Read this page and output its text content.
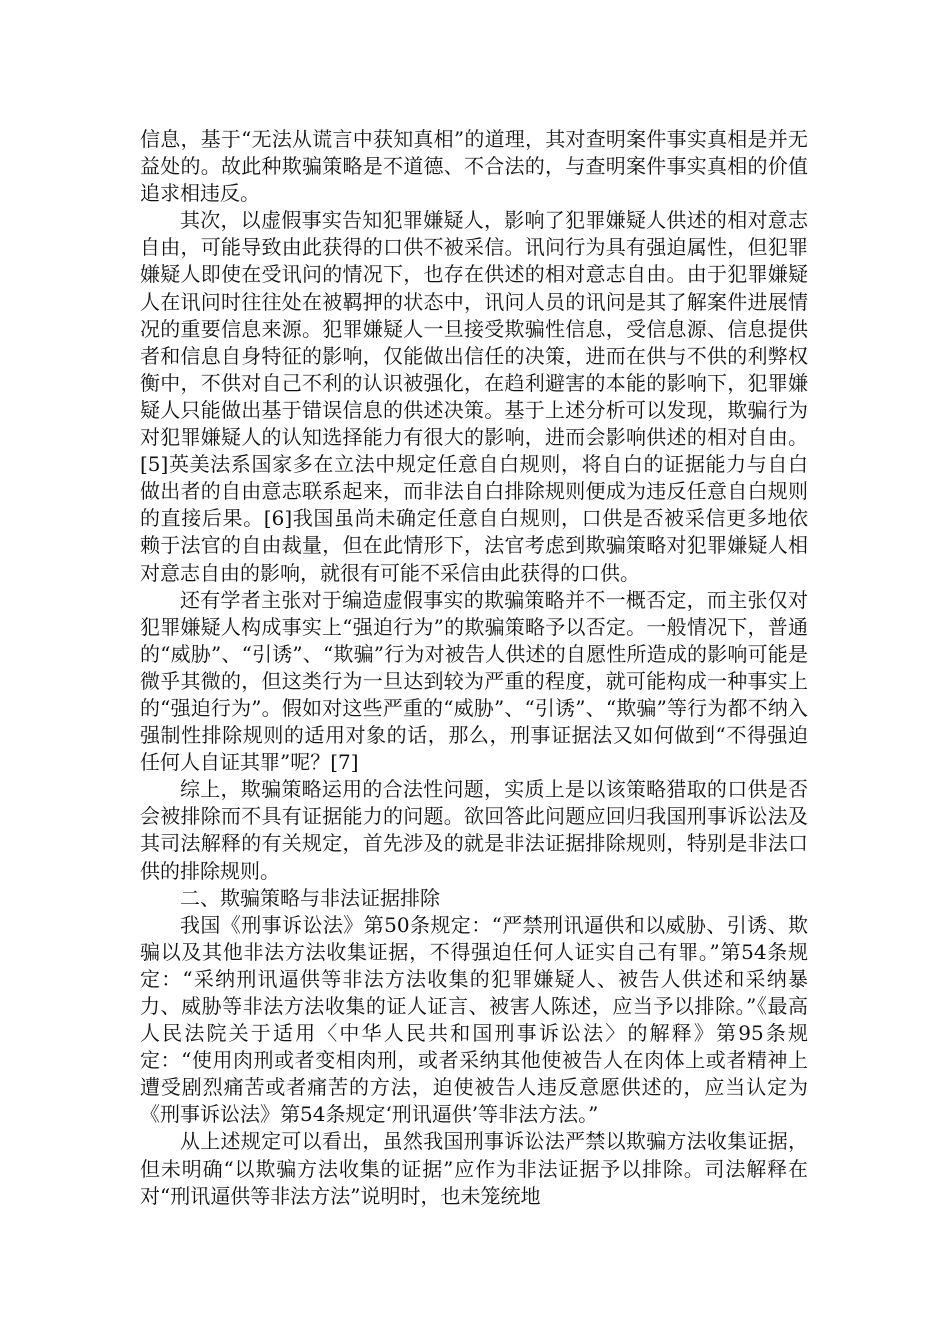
信息，基于“无法从谎言中获知真相”的道理，其对查明案件事实真相是并无益处的。故此种欺骗策略是不道德、不合法的，与查明案件事实真相的价值追求相违反。

其次，以虚假事实告知犯罪嫌疑人，影响了犯罪嫌疑人供述的相对意志自由，可能导致由此获得的口供不被采信。讯问行为具有强迫属性，但犯罪嫌疑人即使在受讯问的情况下，也存在供述的相对意志自由。由于犯罪嫌疑人在讯问时往往处在被羁押的状态中，讯问人员的讯问是其了解案件进展情况的重要信息来源。犯罪嫌疑人一旦接受欺骗性信息，受信息源、信息提供者和信息自身特征的影响，仅能做出信任的决策，进而在供与不供的利弊权衡中，不供对自己不利的认识被强化，在趋利避害的本能的影响下，犯罪嫌疑人只能做出基于错误信息的供述决策。基于上述分析可以发现，欺骗行为对犯罪嫌疑人的认知选择能力有很大的影响，进而会影响供述的相对自由。[5]英美法系国家多在立法中规定任意自白规则，将自白的证据能力与自白做出者的自由意志联系起来，而非法自白排除规则便成为违反任意自白规则的直接后果。[6]我国虽尚未确定任意自白规则，口供是否被采信更多地依赖于法官的自由裁量，但在此情形下，法官考虑到欺骗策略对犯罪嫌疑人相对意志自由的影响，就很有可能不采信由此获得的口供。

还有学者主张对于编造虚假事实的欺骗策略并不一概否定，而主张仅对犯罪嫌疑人构成事实上“强迫行为”的欺骗策略予以否定。一般情况下，普通的“威胁”、“引诱”、“欺骗”行为对被告人供述的自愿性所造成的影响可能是微乎其微的，但这类行为一旦达到较为严重的程度，就可能构成一种事实上的“强迫行为”。假如对这些严重的“威胁”、“引诱”、“欺骗”等行为都不纳入强制性排除规则的适用对象的话，那么，刑事证据法又如何做到“不得强迫任何人自证其罪”呢？[7]

综上，欺骗策略运用的合法性问题，实质上是以该策略猎取的口供是否会被排除而不具有证据能力的问题。欲回答此问题应回归我国刑事诉讼法及其司法解释的有关规定，首先涉及的就是非法证据排除规则，特别是非法口供的排除规则。

二、欺骗策略与非法证据排除

我国《刑事诉讼法》第50条规定：“严禁刑讯逼供和以威胁、引诱、欺骗以及其他非法方法收集证据，不得强迫任何人证实自己有罪。”第54条规定：“采纳刑讯逼供等非法方法收集的犯罪嫌疑人、被告人供述和采纳暴力、威胁等非法方法收集的证人证言、被害人陈述，应当予以排除。”《最高人民法院关于适用〈中华人民共和国刑事诉讼法〉的解释》第95条规定：“使用肉刑或者变相肉刑，或者采纳其他使被告人在肉体上或者精神上遭受剧烈痛苦或者痛苦的方法，迫使被告人违反意愿供述的，应当认定为《刑事诉讼法》第54条规定‘刑讯逼供’等非法方法。”

从上述规定可以看出，虽然我国刑事诉讼法严禁以欺骗方法收集证据，但未明确“以欺骗方法收集的证据”应作为非法证据予以排除。司法解释在对“刑讯逼供等非法方法”说明时，也未笼统地
